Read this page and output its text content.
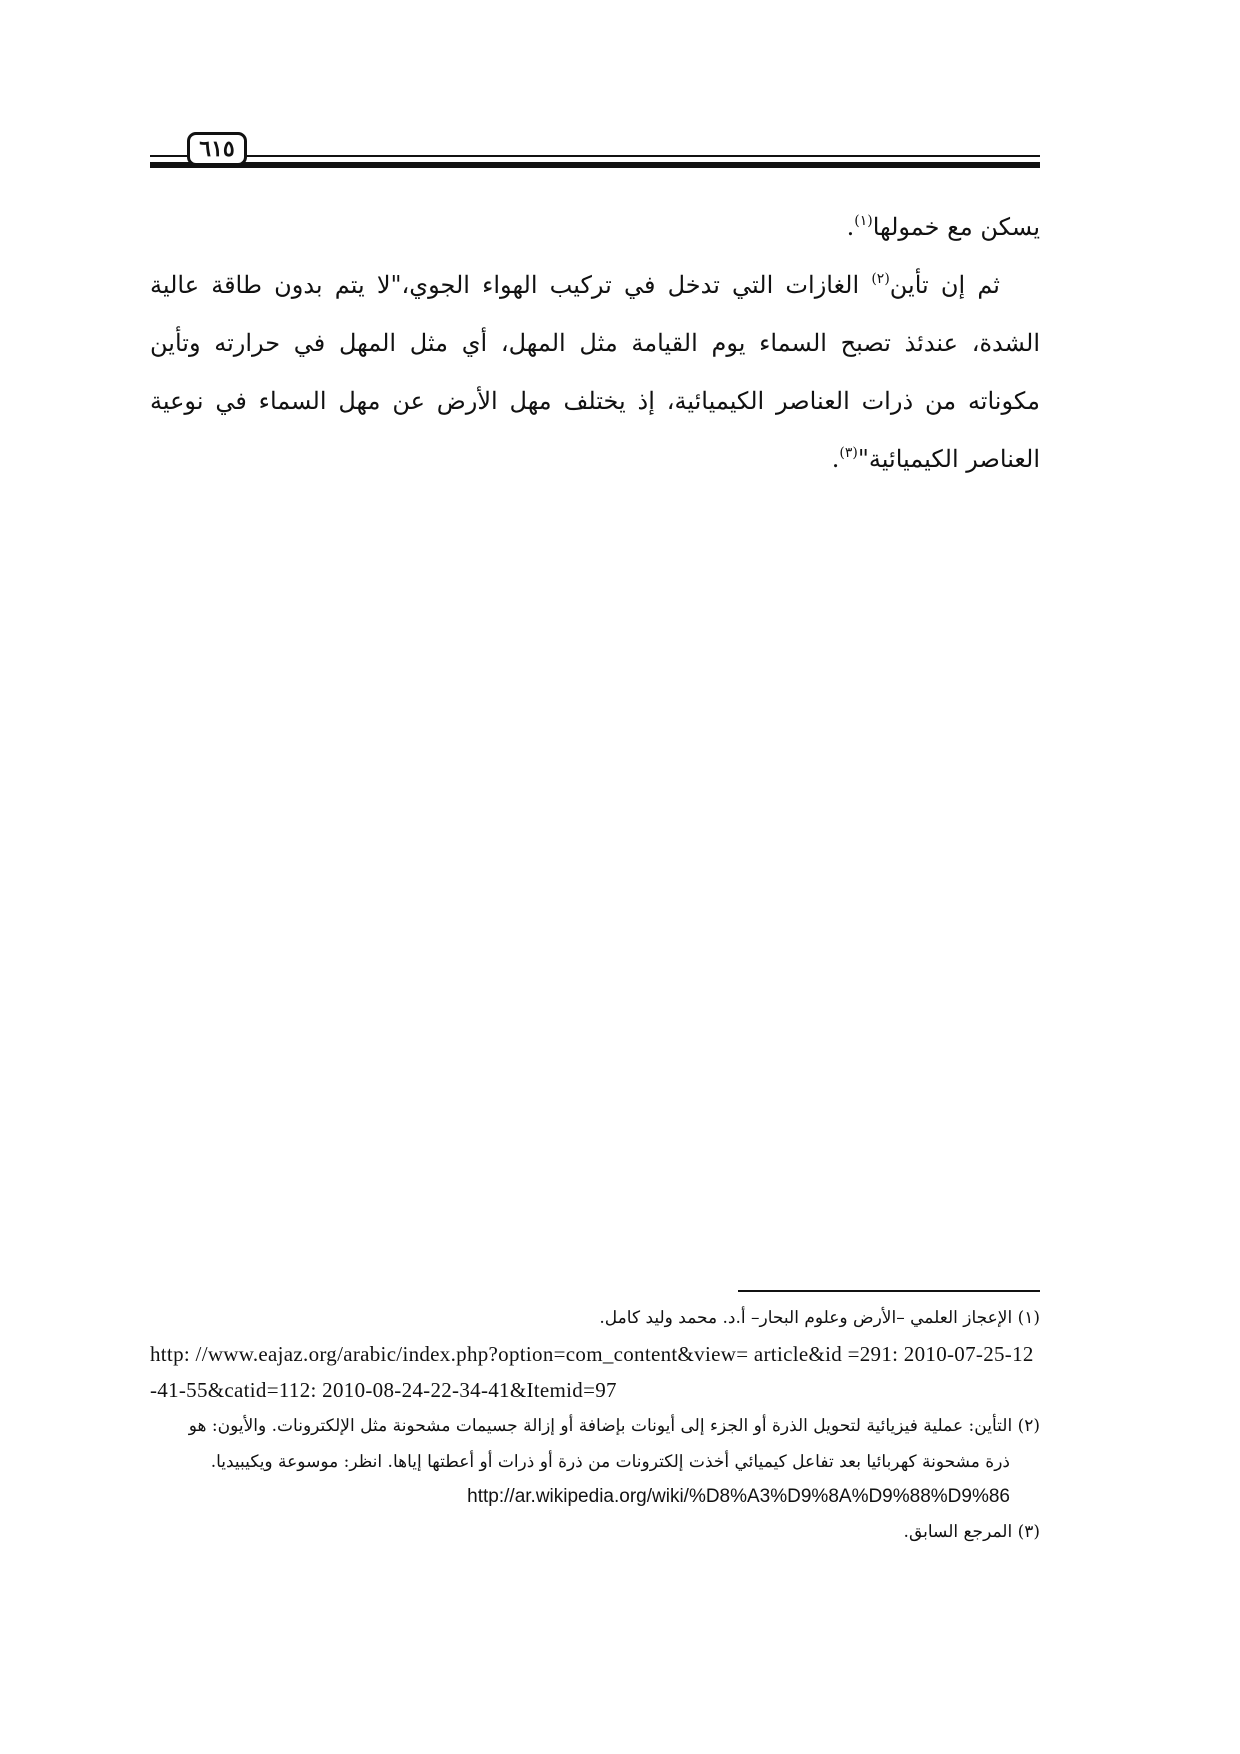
٦١٥

يسكن مع خمولها$^{(١)}$.

ثم إن تأين$^{(٢)}$ الغازات التي تدخل في تركيب الهواء الجوي،"لا يتم بدون طاقة عالية الشدة، عندئذ تصبح السماء يوم القيامة مثل المهل، أي مثل المهل في حرارته وتأين مكوناته من ذرات العناصر الكيميائية، إذ يختلف مهل الأرض عن مهل السماء في نوعية العناصر الكيميائية"$^{(٣)}$.

(١) الإعجاز العلمي –الأرض وعلوم البحار– أ.د. محمد وليد كامل.

http: //www.eajaz.org/arabic/index.php?option=com_content&view= article&id =291: 2010-07-25-12-41-55&catid=112: 2010-08-24-22-34-41&Itemid=97

(٢) التأين: عملية فيزيائية لتحويل الذرة أو الجزء إلى أيونات بإضافة أو إزالة جسيمات مشحونة مثل الإلكترونات. والأيون: هو
ذرة مشحونة كهربائيا بعد تفاعل كيميائي أخذت إلكترونات من ذرة أو ذرات أو أعطتها إياها. انظر: موسوعة ويكيبيديا.

http://ar.wikipedia.org/wiki/%D8%A3%D9%8A%D9%88%D9%86

(٣) المرجع السابق.
